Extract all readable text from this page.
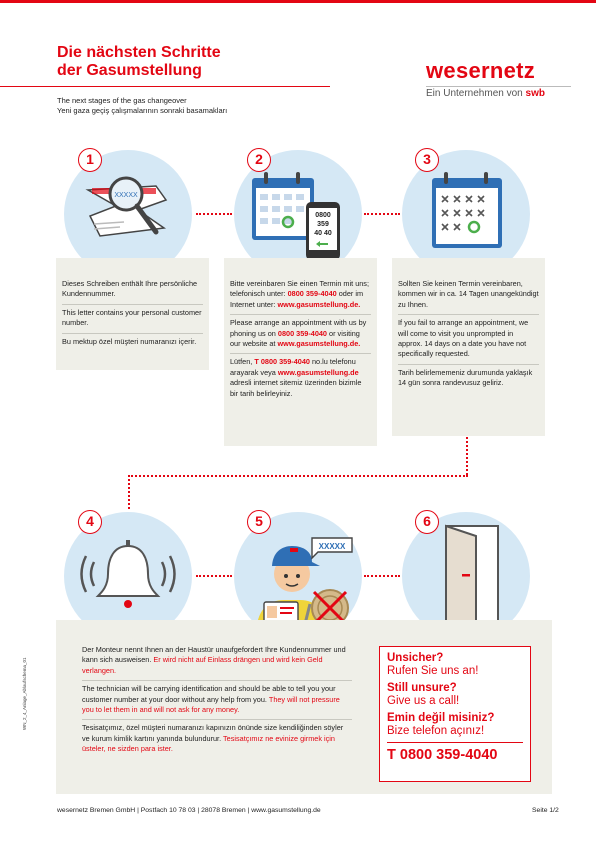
Die nächsten Schritte
der Gasumstellung
The next stages of the gas changeover
Yeni gaza geçiş çalışmalarının sonraki basamakları
wesernetz
Ein Unternehmen von swb
XXXXX
1
0800
359
40 40
2	3

Dieses Schreiben enthält Ihre persönliche Kundennummer.

This letter contains your personal customer number.

Bu mektup özel müşteri numaranızı içerir.

Bitte vereinbaren Sie einen Termin mit uns; telefonisch unter: 0800 359-4040 oder im Internet unter: www.gasumstellung.de.

Please arrange an appointment with us by phoning us on 0800 359-4040 or visiting our website at www.gasumstellung.de.

Lütfen, T 0800 359-4040 no.lu telefonu arayarak veya www.gasumstellung.de adresli internet sitemiz üzerinden bizimle bir tarih belirleyiniz.

Sollten Sie keinen Termin vereinbaren, kommen wir in ca. 14 Tagen unangekündigt zu Ihnen.

If you fail to arrange an appointment, we will come to visit you unprompted in approx. 14 days on a date you have not specifically requested.

Tarih belirlememeniz durumunda yaklaşık 14 gün sonra randevusuz geliriz.

4
XXXXX
5	6

Der Monteur nennt Ihnen an der Haustür unaufgefordert Ihre Kundennummer und kann sich ausweisen. Er wird nicht auf Einlass drängen und wird kein Geld verlangen.

The technician will be carrying identification and should be able to tell you your customer number at your door without any help from you. They will not pressure you to let them in and will not ask for any money.

Tesisatçımız, özel müşteri numaranızı kapınızın önünde size kendiliğinden söyler ve kurum kimlik kartını yanında bulundurur. Tesisatçımız ne evinize girmek için üsteler, ne sizden para ister.

Unsicher?
Rufen Sie uns an!
Still unsure?
Give us a call!
Emin değil misiniz?
Bize telefon açınız!
T 0800 359-4040
WN_2_4_Anlage_Ablaufschema_01
wesernetz Bremen GmbH | Postfach 10 78 03 | 28078 Bremen | www.gasumstellung.de	Seite 1/2
